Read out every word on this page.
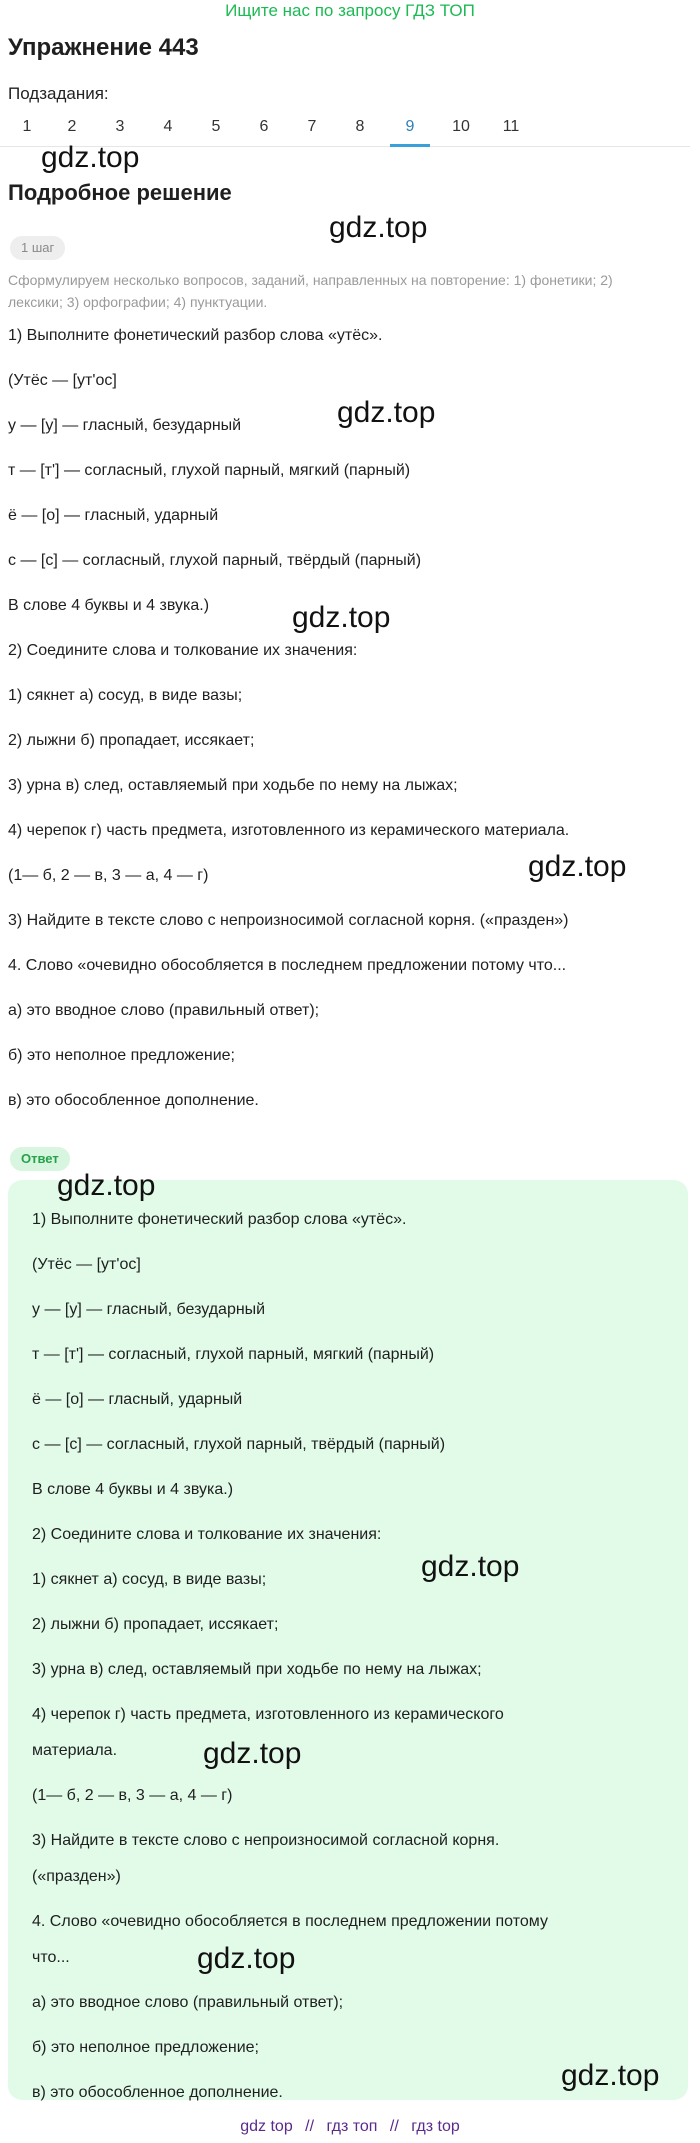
Ищите нас по запросу ГДЗ ТОП
Упражнение 443
Подзадания:
1	2	3	4	5	6	7	8	9	10	11
Подробное решение
1 шаг
Сформулируем несколько вопросов, заданий, направленных на повторение: 1) фонетики; 2) лексики; 3) орфографии; 4) пунктуации.
1) Выполните фонетический разбор слова «утёс».
(Утёс — [ут'ос]
у — [у] — гласный, безударный
т — [т'] — согласный, глухой парный, мягкий (парный)
ё — [о] — гласный, ударный
с — [с] — согласный, глухой парный, твёрдый (парный)
В слове 4 буквы и 4 звука.)
2) Соедините слова и толкование их значения:
1) сякнет а) сосуд, в виде вазы;
2) лыжни б) пропадает, иссякает;
3) урна в) след, оставляемый при ходьбе по нему на лыжах;
4) черепок г) часть предмета, изготовленного из керамического материала.
(1— б, 2 — в, 3 — а, 4 — г)
3) Найдите в тексте слово с непроизносимой согласной корня. («празден»)
4. Слово «очевидно обособляется в последнем предложении потому что...
а) это вводное слово (правильный ответ);
б) это неполное предложение;
в) это обособленное дополнение.
Ответ
1) Выполните фонетический разбор слова «утёс».
(Утёс — [ут'ос]
у — [у] — гласный, безударный
т — [т'] — согласный, глухой парный, мягкий (парный)
ё — [о] — гласный, ударный
с — [с] — согласный, глухой парный, твёрдый (парный)
В слове 4 буквы и 4 звука.)
2) Соедините слова и толкование их значения:
1) сякнет а) сосуд, в виде вазы;
2) лыжни б) пропадает, иссякает;
3) урна в) след, оставляемый при ходьбе по нему на лыжах;
4) черепок г) часть предмета, изготовленного из керамического
материала.
(1— б, 2 — в, 3 — а, 4 — г)
3) Найдите в тексте слово с непроизносимой согласной корня.
(«празден»)
4. Слово «очевидно обособляется в последнем предложении потому
что...
а) это вводное слово (правильный ответ);
б) это неполное предложение;
в) это обособленное дополнение.
gdz.top
gdz.top
gdz.top
gdz.top
gdz.top
gdz.top
gdz.top
gdz.top
gdz.top
gdz.top
gdz top // гдз топ // гдз top
